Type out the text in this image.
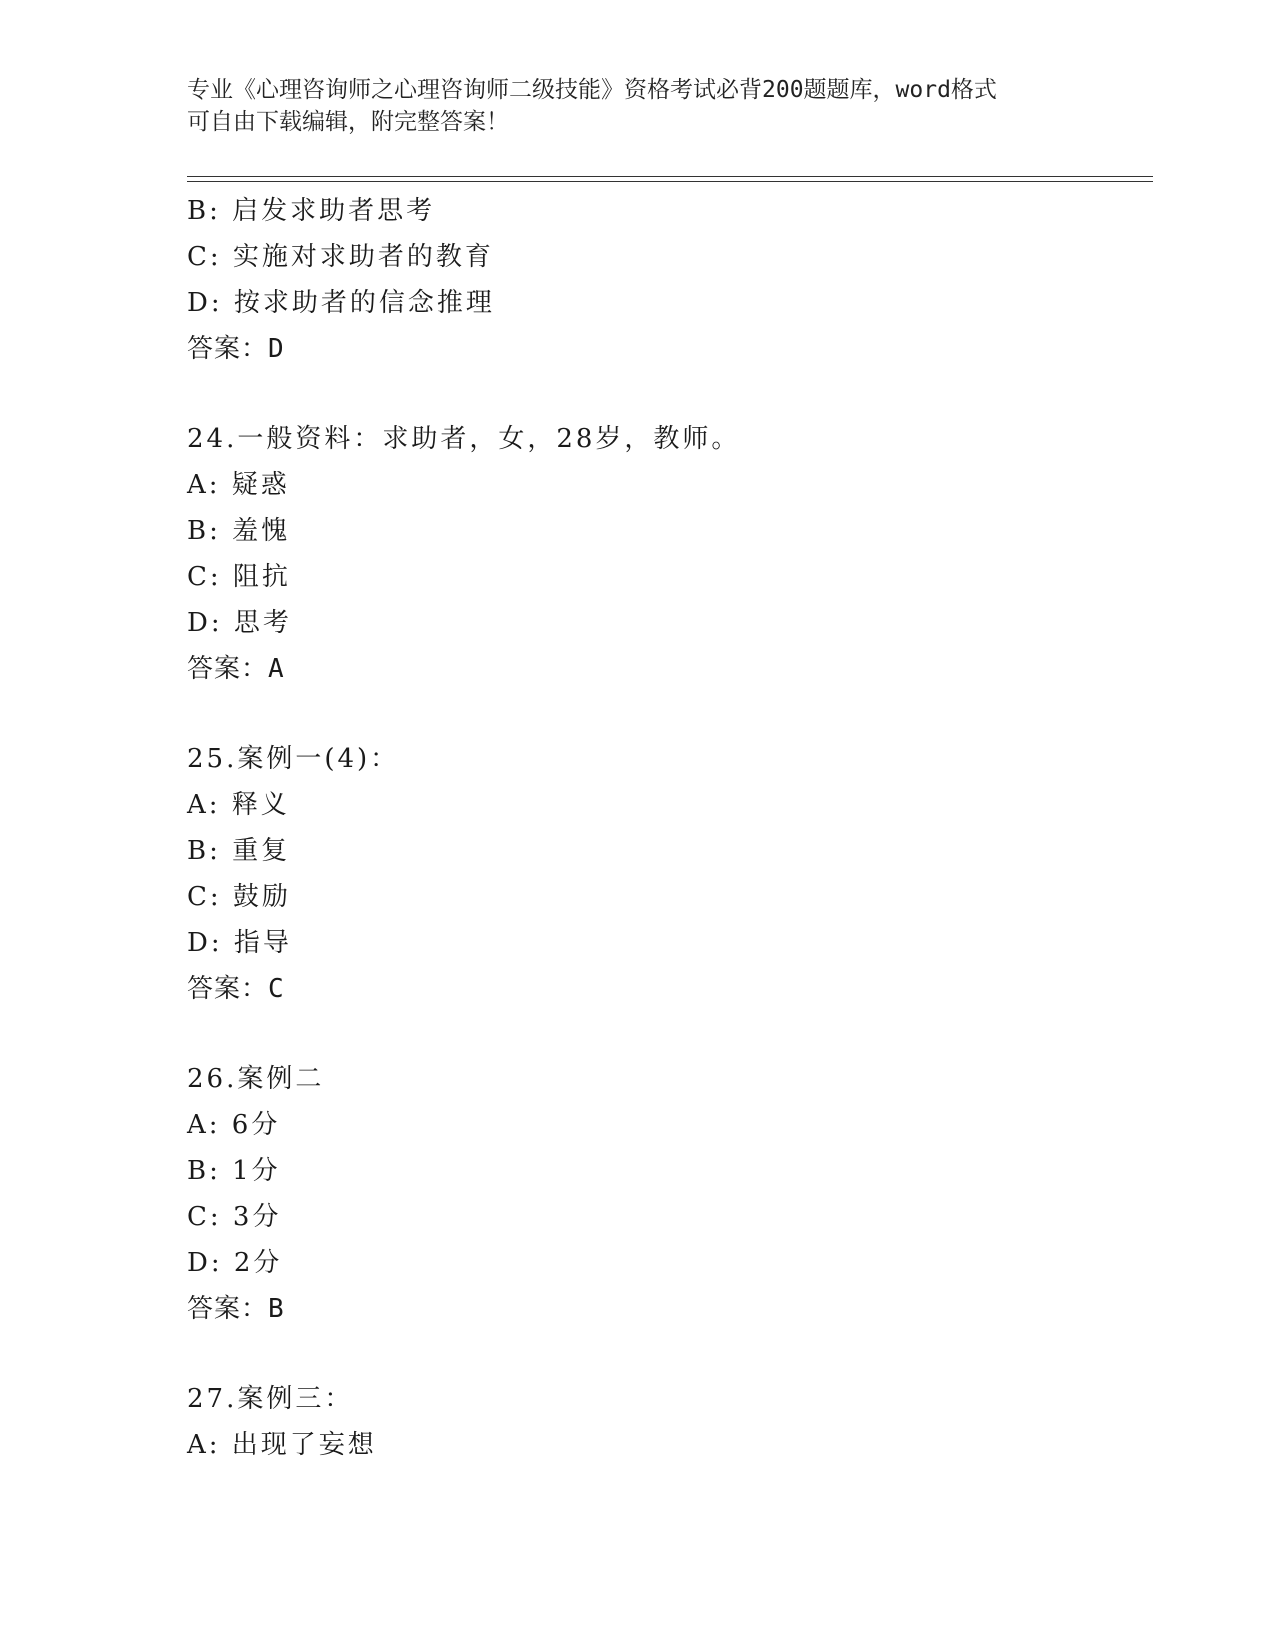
专业《心理咨询师之心理咨询师二级技能》资格考试必背200题题库，word格式
可自由下载编辑，附完整答案！
B: 启发求助者思考
C: 实施对求助者的教育
D: 按求助者的信念推理
答案：D
24.一般资料：求助者，女，28岁，教师。
A: 疑惑
B: 羞愧
C: 阻抗
D: 思考
答案：A
25.案例一(4)：
A: 释义
B: 重复
C: 鼓励
D: 指导
答案：C
26.案例二
A: 6分
B: 1分
C: 3分
D: 2分
答案：B
27.案例三：
A: 出现了妄想
